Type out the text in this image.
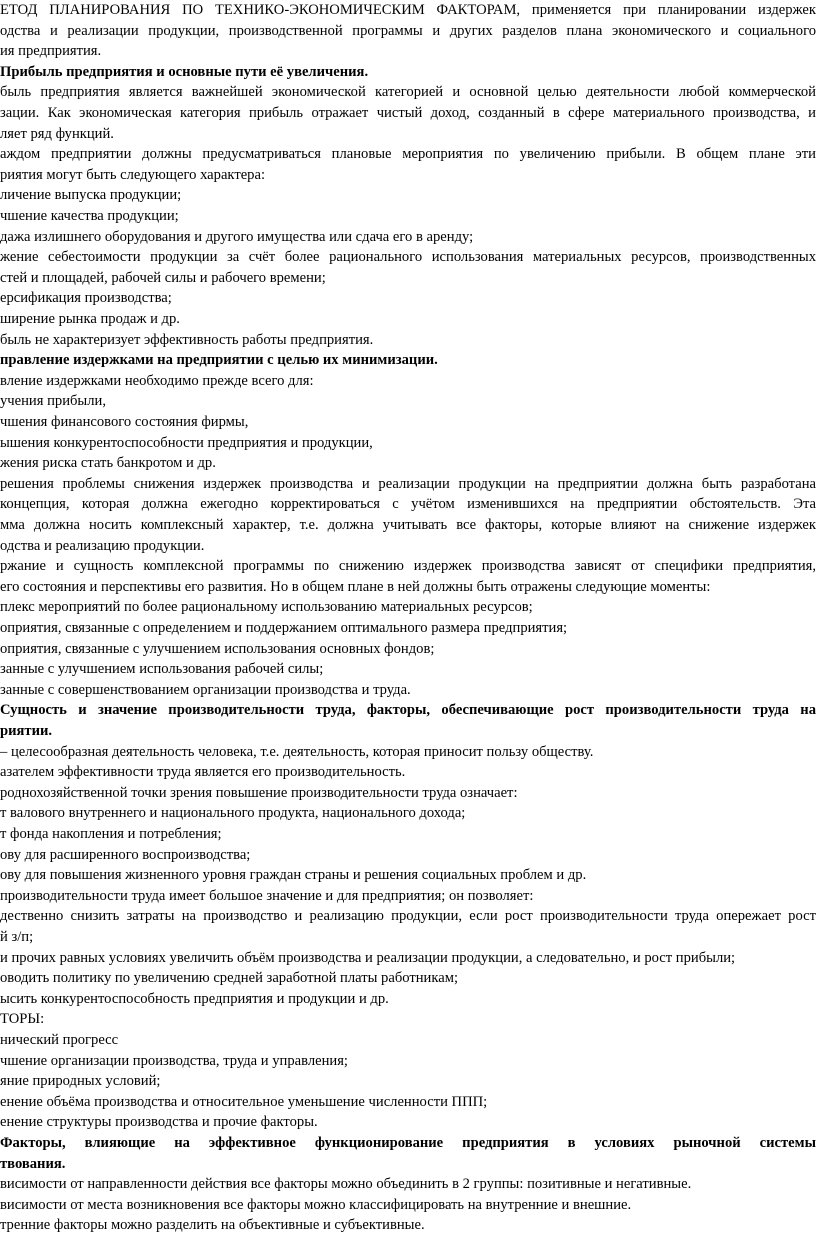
ЕТОД ПЛАНИРОВАНИЯ ПО ТЕХНИКО-ЭКОНОМИЧЕСКИМ ФАКТОРАМ, применяется при планировании издержек

одства и реализации продукции, производственной программы и других разделов плана экономического и социального

ия предприятия.

Прибыль предприятия и основные пути её увеличения.

быль предприятия является важнейшей экономической категорией и основной целью деятельности любой коммерческой

зации. Как экономическая категория прибыль отражает чистый доход, созданный в сфере материального производства, и

ляет ряд функций.

аждом предприятии должны предусматриваться плановые мероприятия по увеличению прибыли. В общем плане эти

риятия могут быть следующего характера:

личение выпуска продукции;

чшение качества продукции;

дажа излишнего оборудования и другого имущества или сдача его в аренду;

жение себестоимости продукции за счёт более рационального использования материальных ресурсов, производственных

стей и площадей, рабочей силы и рабочего времени;

ерсификация производства;

ширение рынка продаж и др.

быль не характеризует эффективность работы предприятия.

правление издержками на предприятии с целью их минимизации.

вление издержками необходимо прежде всего для:

учения прибыли,

чшения финансового состояния фирмы,

ышения конкурентоспособности предприятия и продукции,

жения риска стать банкротом и др.

решения проблемы снижения издержек производства и реализации продукции на предприятии должна быть разработана

концепция, которая должна ежегодно корректироваться с учётом изменившихся на предприятии обстоятельств. Эта

мма должна носить комплексный характер, т.е. должна учитывать все факторы, которые влияют на снижение издержек

одства и реализацию продукции.

ржание и сущность комплексной программы по снижению издержек производства зависят от специфики предприятия,

его состояния и перспективы его развития. Но в общем плане в ней должны быть отражены следующие моменты:

плекс мероприятий по более рациональному использованию материальных ресурсов;

оприятия, связанные с определением и поддержанием оптимального размера предприятия;

оприятия, связанные с улучшением использования основных фондов;

занные с улучшением использования рабочей силы;

занные с совершенствованием организации производства и труда.

Сущность и значение производительности труда, факторы, обеспечивающие рост производительности труда на

риятии.

– целесообразная деятельность человека, т.е. деятельность, которая приносит пользу обществу.

азателем эффективности труда является его производительность.

роднохозяйственной точки зрения повышение производительности труда означает:

т валового внутреннего и национального продукта, национального дохода;

т фонда накопления и потребления;

ову для расширенного воспроизводства;

ову для повышения жизненного уровня граждан страны и решения социальных проблем и др.

производительности труда имеет большое значение и для предприятия; он позволяет:

дественно снизить затраты на производство и реализацию продукции, если рост производительности труда опережает рост

й з/п;

и прочих равных условиях увеличить объём производства и реализации продукции, а следовательно, и рост прибыли;

оводить политику по увеличению средней заработной платы работникам;

ысить конкурентоспособность предприятия и продукции и др.

ТОРЫ:

нический прогресс

чшение организации производства, труда и управления;

яние природных условий;

енение объёма производства и относительное уменьшение численности ППП;

енение структуры производства и прочие факторы.

Факторы, влияющие на эффективное функционирование предприятия в условиях рыночной системы

твования.

висимости от направленности действия все факторы можно объединить в 2 группы: позитивные и негативные.

висимости от места возникновения все факторы можно классифицировать на внутренние и внешние.

тренние факторы можно разделить на объективные и субъективные.
